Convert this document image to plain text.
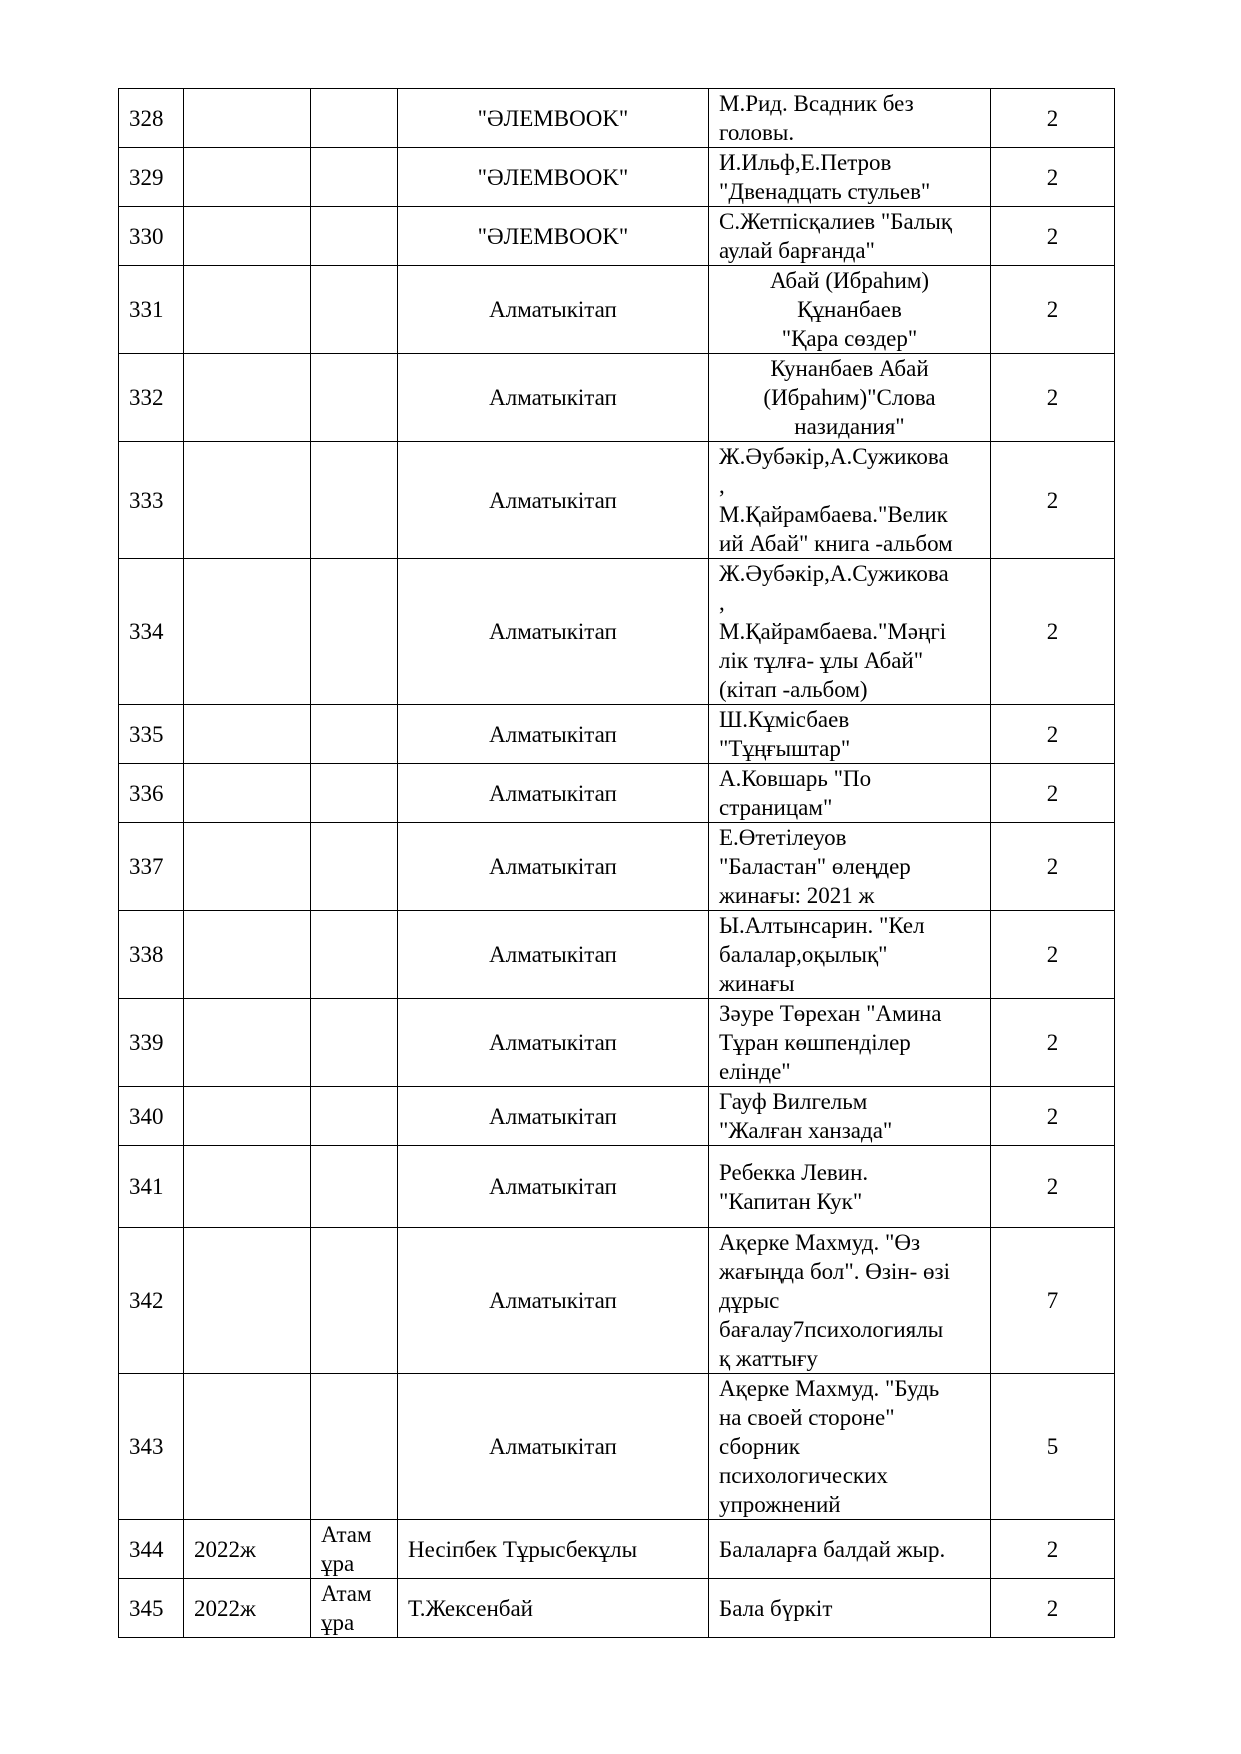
328			"ӘЛЕМBOOK"	М.Рид. Всадник без
головы.	2
329			"ӘЛЕМBOOK"	И.Ильф,Е.Петров
"Двенадцать стульев"	2
330			"ӘЛЕМBOOK"	С.Жетпісқалиев "Балық
аулай барғанда"	2
331			Алматыкітап	Абай (Ибраһим)
Құнанбаев
"Қара сөздер"	2
332			Алматыкітап	Кунанбаев Абай
(Ибраһим)"Слова
назидания"	2
333			Алматыкітап	Ж.Әубәкір,А.Сужикова
,
М.Қайрамбаева."Велик
ий Абай" книга -альбом	2
334			Алматыкітап	Ж.Әубәкір,А.Сужикова
,
М.Қайрамбаева."Мәңгі
лік тұлға- ұлы Абай"
(кітап -альбом)	2
335			Алматыкітап	Ш.Кұмісбаев
"Тұңғыштар"	2
336			Алматыкітап	А.Ковшарь "По
страницам"	2
337			Алматыкітап	Е.Өтетілеуов
"Баластан" өлеңдер
жинағы: 2021 ж	2
338			Алматыкітап	Ы.Алтынсарин. "Кел
балалар,оқылық"
жинағы	2
339			Алматыкітап	Зәуре Төрехан "Амина
Тұран көшпенділер
елінде"	2
340			Алматыкітап	Гауф Вилгельм
"Жалған ханзада"	2
341			Алматыкітап	Ребекка Левин.
"Капитан Кук"	2
342			Алматыкітап	Ақерке Махмуд. "Өз
жағыңда бол". Өзін- өзі
дұрыс
бағалау7психологиялы
қ жаттығу	7
343			Алматыкітап	Ақерке Махмуд. "Будь
на своей стороне"
сборник
психологических
упрожнений	5
344	2022ж	Атам
ұра	Несіпбек Тұрысбекұлы	Балаларға балдай жыр.	2
345	2022ж	Атам
ұра	Т.Жексенбай	Бала бүркіт	2
